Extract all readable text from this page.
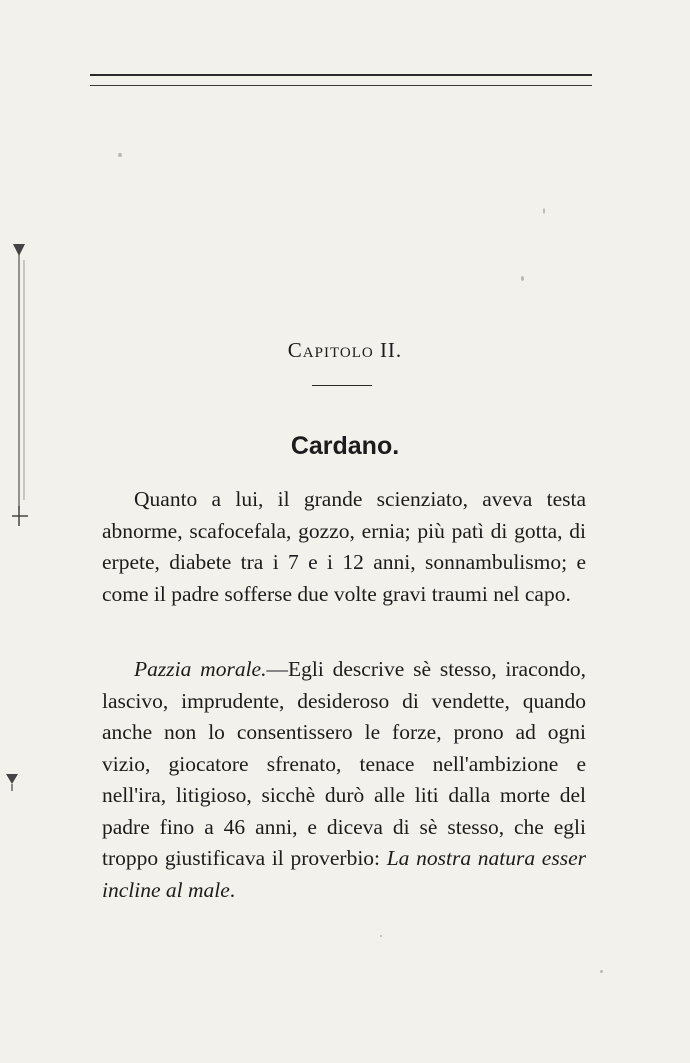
Capitolo II.
Cardano.

Quanto a lui, il grande scienziato, aveva testa abnorme, scafocefala, gozzo, ernia; più patì di gotta, di erpete, diabete tra i 7 e i 12 anni, sonnambulismo; e come il padre sofferse due volte gravi traumi nel capo.

Pazzia morale.—Egli descrive sè stesso, iracondo, lascivo, imprudente, desideroso di vendette, quando anche non lo consentissero le forze, prono ad ogni vizio, giocatore sfrenato, tenace nell'ambizione e nell'ira, litigioso, sicchè durò alle liti dalla morte del padre fino a 46 anni, e diceva di sè stesso, che egli troppo giustificava il proverbio: La nostra natura esser incline al male.
